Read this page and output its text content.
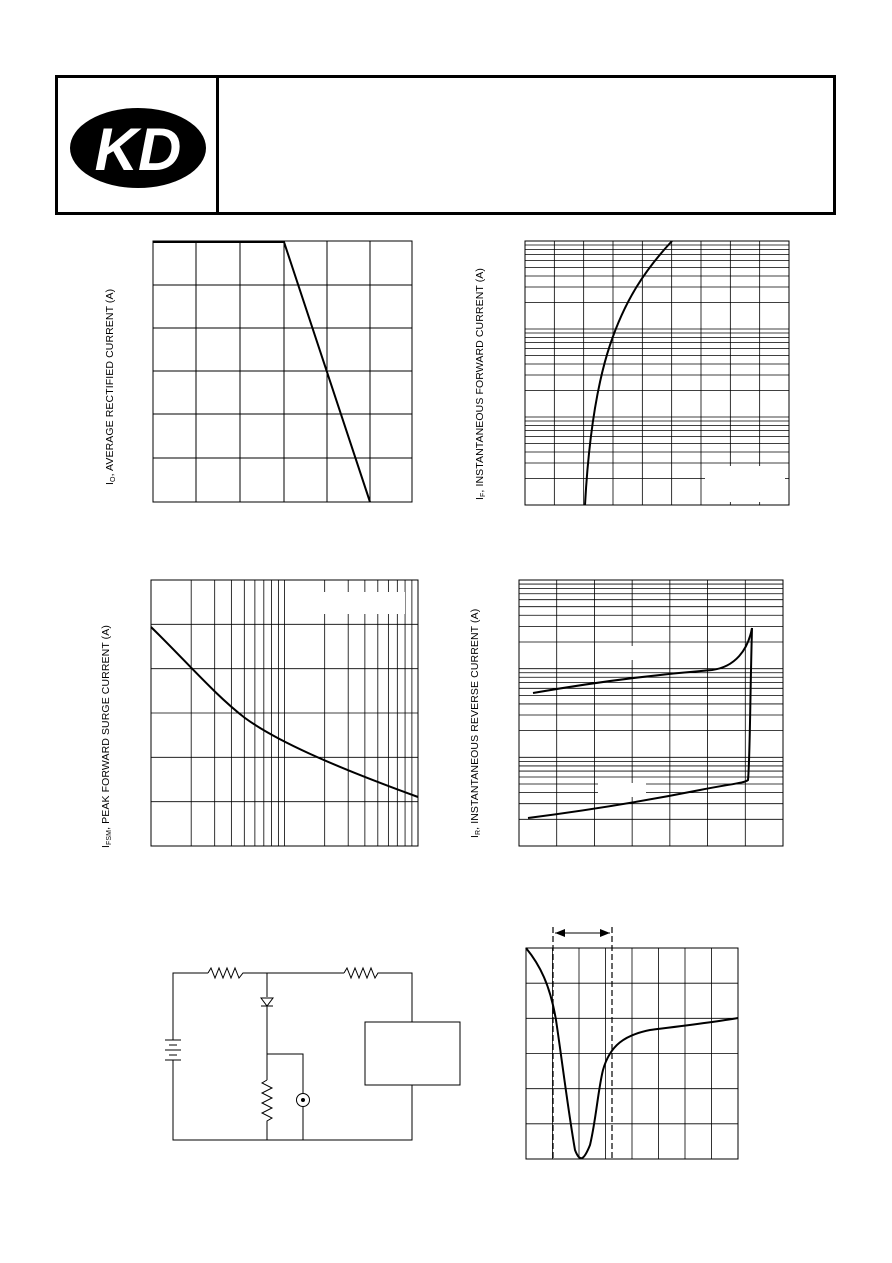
KD
$I_O$, AVERAGE RECTIFIED CURRENT (A)
$I_F$, INSTANTANEOUS FORWARD CURRENT (A)
$I_{FSM}$, PEAK FORWARD SURGE CURRENT (A)
$I_R$, INSTANTANEOUS REVERSE CURRENT (A)
